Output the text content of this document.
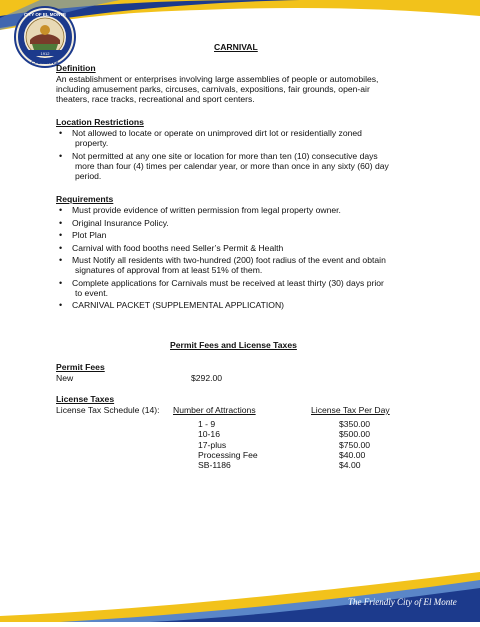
CITY OF EL MONTE
1912
CALIFORNIA
CARNIVAL
Definition
An establishment or enterprises involving large assemblies of people or automobiles,
including amusement parks, circuses, carnivals, expositions, fair grounds, open-air
theaters, race tracks, recreational and sport centers.
Location Restrictions
• Not allowed to locate or operate on unimproved dirt lot or residentially zoned
property.
• Not permitted at any one site or location for more than ten (10) consecutive days
more than four (4) times per calendar year, or more than once in any sixty (60) day
period.
Requirements
• Must provide evidence of written permission from legal property owner.
• Original Insurance Policy.
• Plot Plan
• Carnival with food booths need Seller’s Permit & Health
• Must Notify all residents with two-hundred (200) foot radius of the event and obtain
signatures of approval from at least 51% of them.
• Complete applications for Carnivals must be received at least thirty (30) days prior
to event.
• CARNIVAL PACKET (SUPPLEMENTAL APPLICATION)
Permit Fees and License Taxes
Permit Fees
New	$292.00
License Taxes
License Tax Schedule (14): Number of Attractions	License Tax Per Day
1 - 9
10-16
17-plus
Processing Fee
SB-1186
$350.00
$500.00
$750.00
$40.00
$4.00
The Friendly City of El Monte
